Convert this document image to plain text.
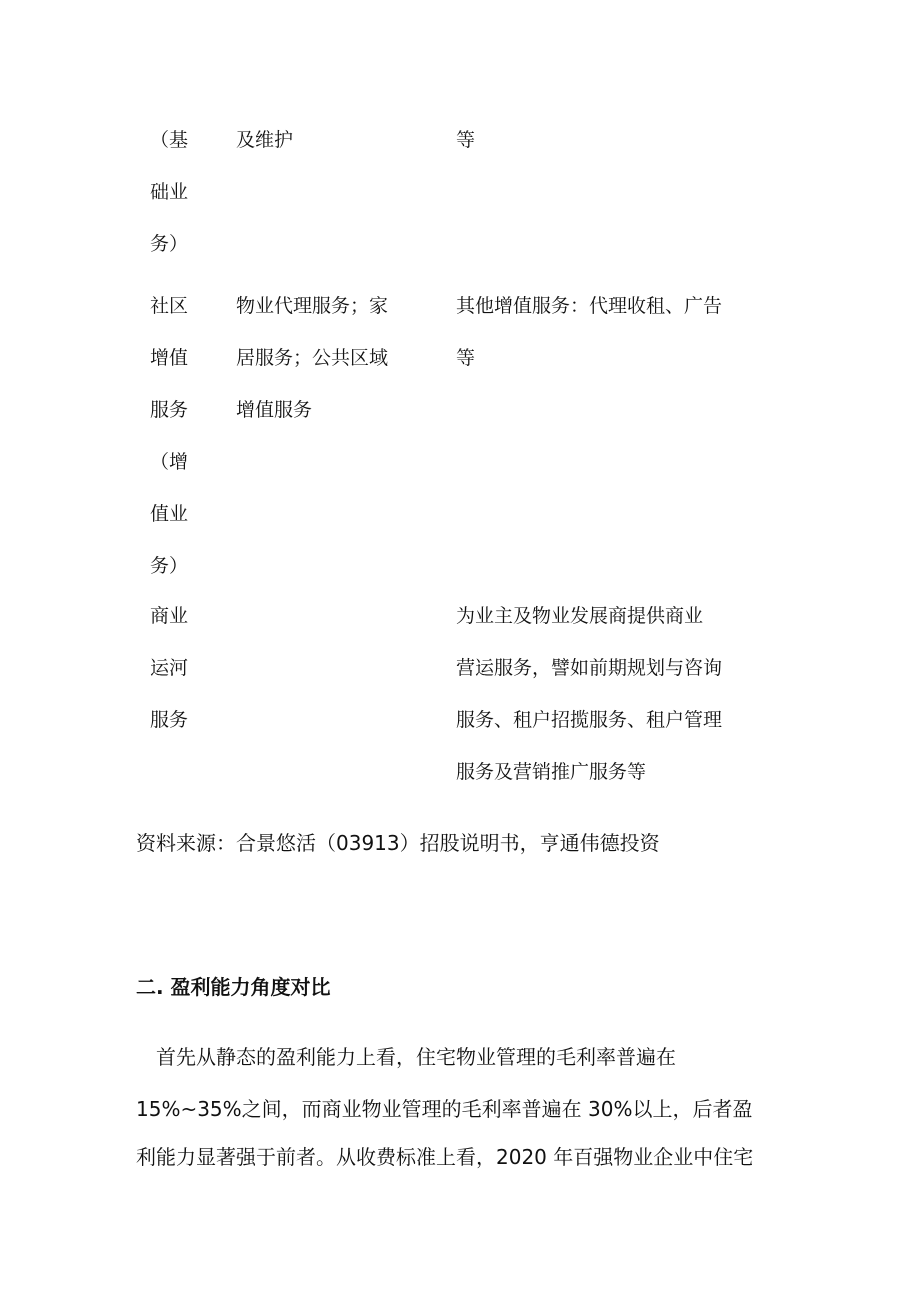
（基
础业
务）
及维护	等
社区
增值
服务
（增
值业
务）
物业代理服务；家
居服务；公共区域
增值服务
其他增值服务：代理收租、广告
等
商业
运河
服务
为业主及物业发展商提供商业
营运服务，譬如前期规划与咨询
服务、租户招揽服务、租户管理
服务及营销推广服务等
资料来源：合景悠活（03913）招股说明书，亨通伟德投资
二. 盈利能力角度对比
　首先从静态的盈利能力上看，住宅物业管理的毛利率普遍在
15%~35%之间，而商业物业管理的毛利率普遍在 30%以上，后者盈
利能力显著强于前者。从收费标准上看，2020 年百强物业企业中住宅
